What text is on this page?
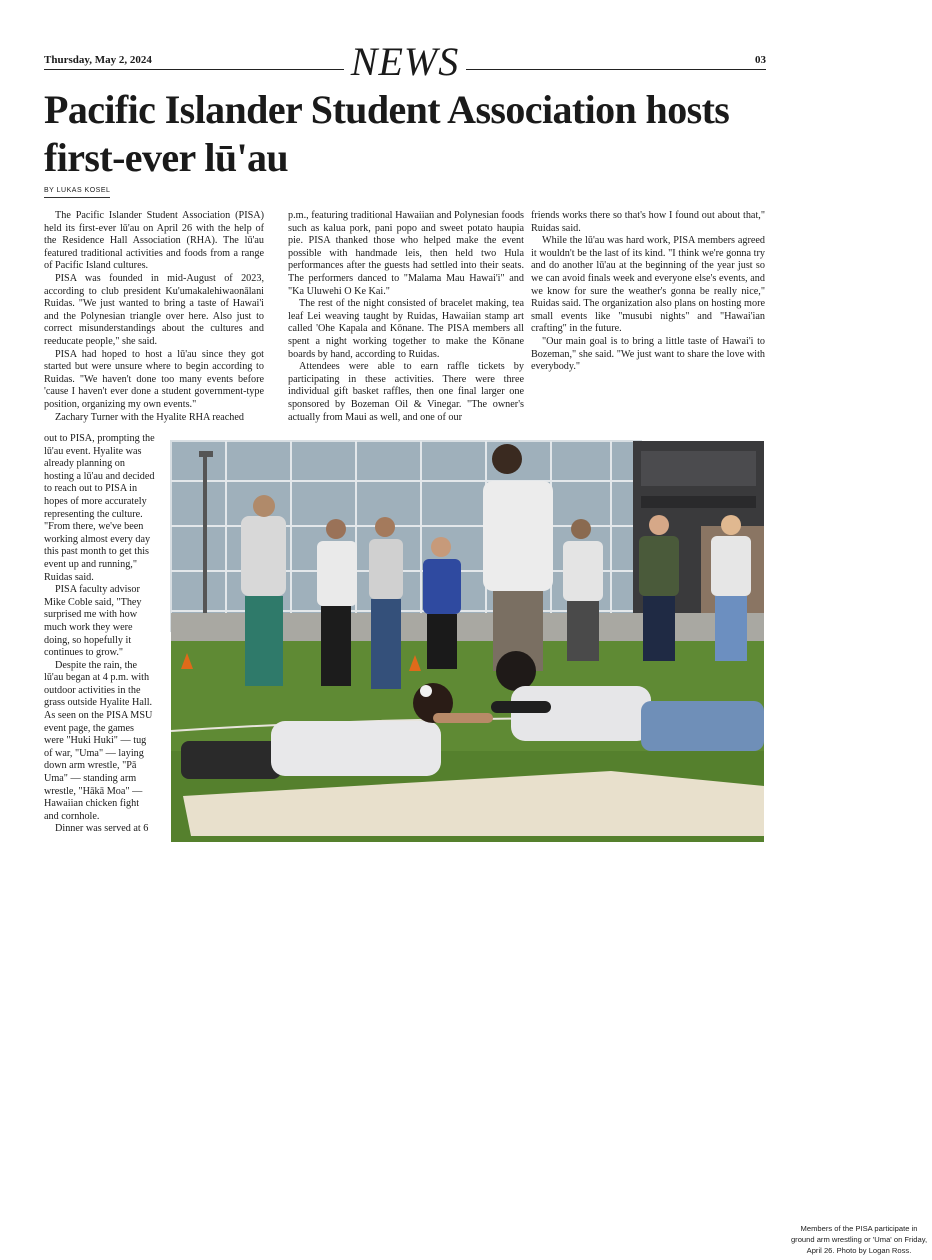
Thursday, May 2, 2024	NEWS	03
Pacific Islander Student Association hosts first-ever lū'au
BY LUKAS KOSEL

The Pacific Islander Student Association (PISA) held its first-ever lū'au on April 26 with the help of the Residence Hall Association (RHA). The lū'au featured traditional activities and foods from a range of Pacific Island cultures.

PISA was founded in mid-August of 2023, according to club president Ku'umakalehiwaonālani Ruidas. "We just wanted to bring a taste of Hawai'i and the Polynesian triangle over here. Also just to correct misunderstandings about the cultures and reeducate people," she said.

PISA had hoped to host a lū'au since they got started but were unsure where to begin according to Ruidas. "We haven't done too many events before 'cause I haven't ever done a student government-type position, organizing my own events."

Zachary Turner with the Hyalite RHA reached

out to PISA, prompting the lū'au event. Hyalite was already planning on hosting a lū'au and decided to reach out to PISA in hopes of more accurately representing the culture. "From there, we've been working almost every day this past month to get this event up and running," Ruidas said.

PISA faculty advisor Mike Coble said, "They surprised me with how much work they were doing, so hopefully it continues to grow."

Despite the rain, the lū'au began at 4 p.m. with outdoor activities in the grass outside Hyalite Hall. As seen on the PISA MSU event page, the games were "Huki Huki" — tug of war, "Uma" — laying down arm wrestle, "Pā Uma" — standing arm wrestle, "Hākā Moa" — Hawaiian chicken fight and cornhole.

Dinner was served at 6

p.m., featuring traditional Hawaiian and Polynesian foods such as kalua pork, pani popo and sweet potato haupia pie. PISA thanked those who helped make the event possible with handmade leis, then held two Hula performances after the guests had settled into their seats. The performers danced to "Malama Mau Hawai'i" and "Ka Uluwehi O Ke Kai."

The rest of the night consisted of bracelet making, tea leaf Lei weaving taught by Ruidas, Hawaiian stamp art called 'Ohe Kapala and Kōnane. The PISA members all spent a night working together to make the Kōnane boards by hand, according to Ruidas.

Attendees were able to earn raffle tickets by participating in these activities. There were three individual gift basket raffles, then one final larger one sponsored by Bozeman Oil & Vinegar. "The owner's actually from Maui as well, and one of our

friends works there so that's how I found out about that," Ruidas said.

While the lū'au was hard work, PISA members agreed it wouldn't be the last of its kind. "I think we're gonna try and do another lū'au at the beginning of the year just so we can avoid finals week and everyone else's events, and we know for sure the weather's gonna be really nice," Ruidas said. The organization also plans on hosting more small events like "musubi nights" and "Hawai'ian crafting" in the future.

"Our main goal is to bring a little taste of Hawai'i to Bozeman," she said. "We just want to share the love with everybody."

Members of the PISA participate in ground arm wrestling or 'Uma' on Friday, April 26. Photo by Logan Ross.
